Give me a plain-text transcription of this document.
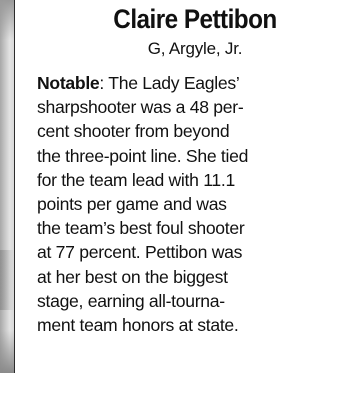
Claire Pettibon
G, Argyle, Jr.
Notable: The Lady Eagles’
sharpshooter was a 48 per-
cent shooter from beyond
the three-point line. She tied
for the team lead with 11.1
points per game and was
the team’s best foul shooter
at 77 percent. Pettibon was
at her best on the biggest
stage, earning all-tourna-
ment team honors at state.
